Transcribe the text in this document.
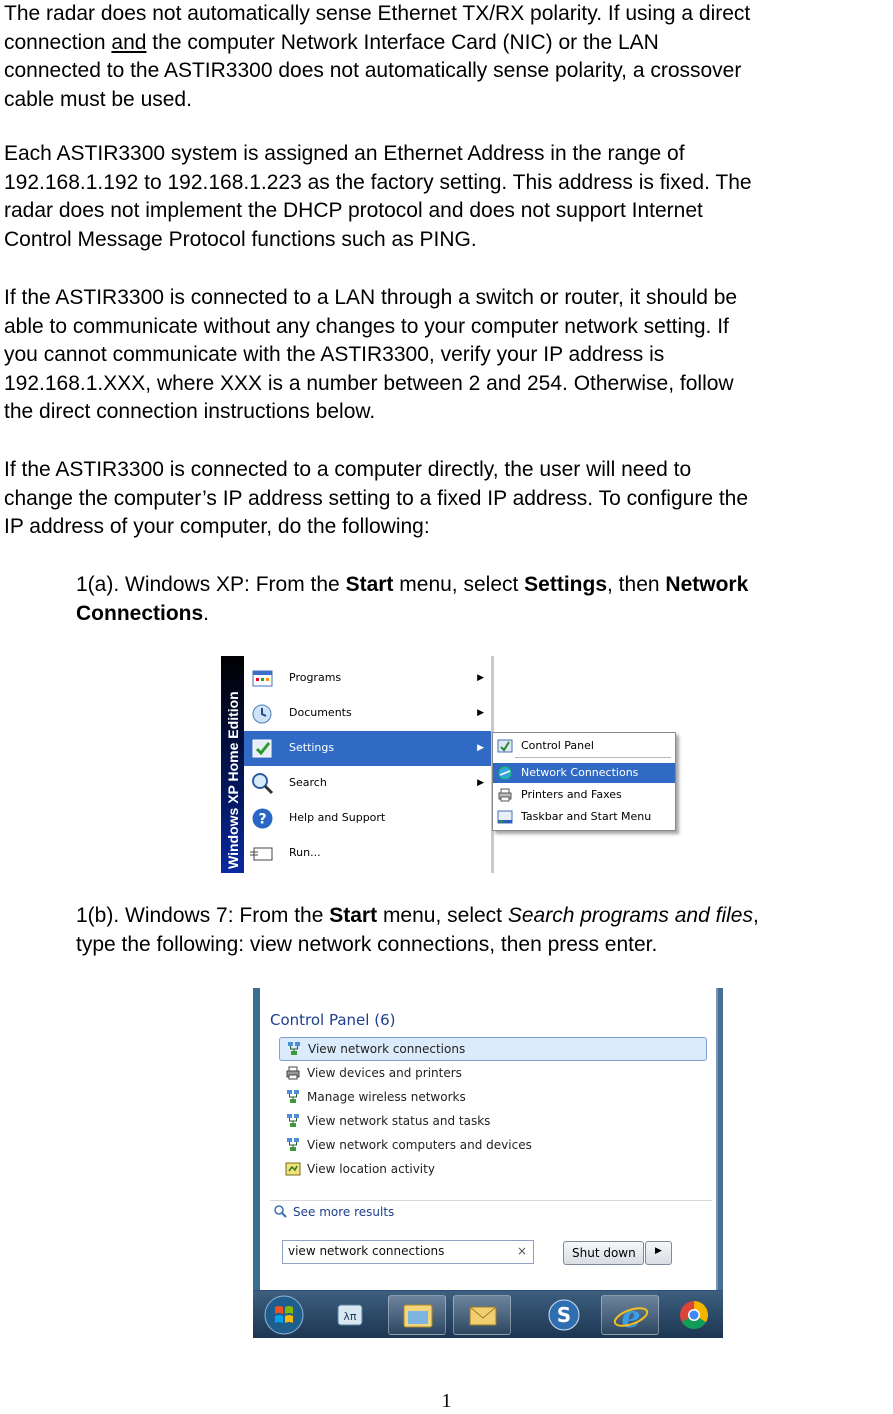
The radar does not automatically sense Ethernet TX/RX polarity. If using a direct
connection and the computer Network Interface Card (NIC) or the LAN
connected to the ASTIR3300 does not automatically sense polarity, a crossover
cable must be used.
Each ASTIR3300 system is assigned an Ethernet Address in the range of
192.168.1.192 to 192.168.1.223 as the factory setting. This address is fixed. The
radar does not implement the DHCP protocol and does not support Internet
Control Message Protocol functions such as PING.
If the ASTIR3300 is connected to a LAN through a switch or router, it should be
able to communicate without any changes to your computer network setting. If
you cannot communicate with the ASTIR3300, verify your IP address is
192.168.1.XXX, where XXX is a number between 2 and 254. Otherwise, follow
the direct connection instructions below.
If the ASTIR3300 is connected to a computer directly, the user will need to
change the computer’s IP address setting to a fixed IP address. To configure the
IP address of your computer, do the following:
1(a). Windows XP: From the Start menu, select Settings, then Network
Connections.
Windows XP Home Edition
Programs	▶
Documents	▶
Settings	▶
Search	▶
? Help and Support
Run...
Control Panel
Network Connections
Printers and Faxes
Taskbar and Start Menu
1(b). Windows 7: From the Start menu, select Search programs and files,
type the following: view network connections, then press enter.
Control Panel (6)
View network connections
View devices and printers
Manage wireless networks
View network status and tasks
View network computers and devices
View location activity
See more results
view network connections
×	Shut down ▶
λπ	S e
1
